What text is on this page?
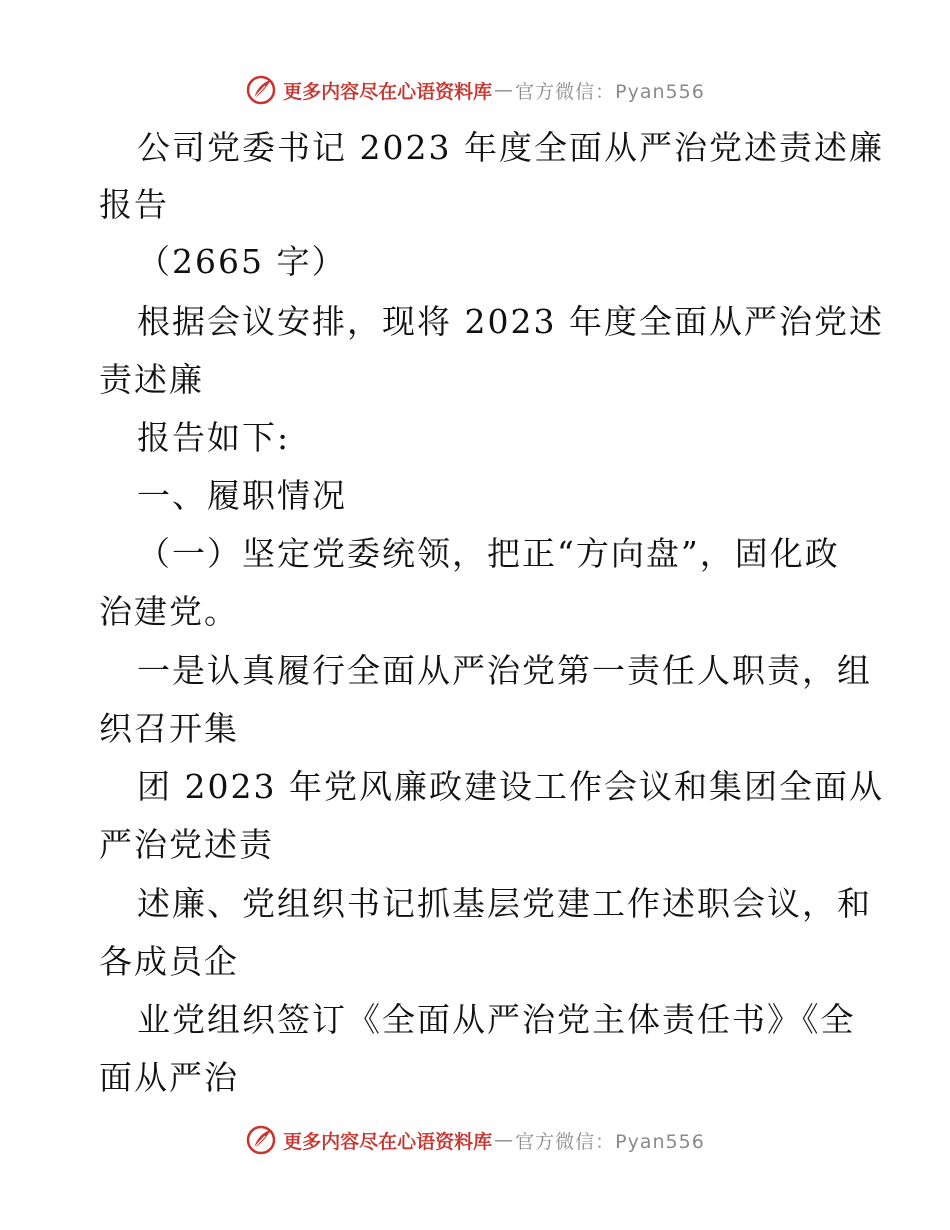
更多内容尽在心语资料库 — 官方微信：Pyan556
公司党委书记 2023 年度全面从严治党述责述廉
报告
（2665 字）
根据会议安排，现将 2023 年度全面从严治党述
责述廉
报告如下:
一、履职情况
（一）坚定党委统领，把正“方向盘”，固化政
治建党。
一是认真履行全面从严治党第一责任人职责，组
织召开集
团 2023 年党风廉政建设工作会议和集团全面从
严治党述责
述廉、党组织书记抓基层党建工作述职会议，和
各成员企
业党组织签订《全面从严治党主体责任书》《全
面从严治
更多内容尽在心语资料库 — 官方微信：Pyan556
